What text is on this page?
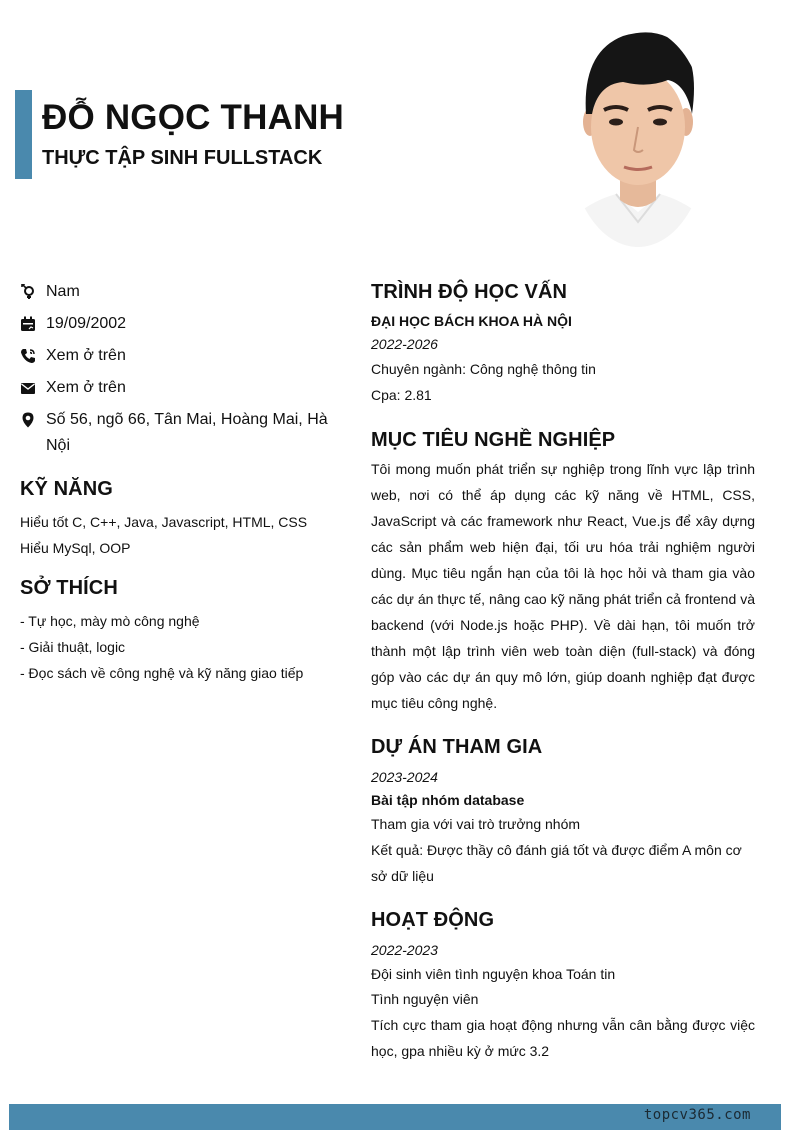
ĐỖ NGỌC THANH
THỰC TẬP SINH FULLSTACK
Nam
19/09/2002
Xem ở trên
Xem ở trên
Số 56, ngõ 66, Tân Mai, Hoàng Mai, Hà Nội
KỸ NĂNG
Hiểu tốt C, C++, Java, Javascript, HTML, CSS
Hiểu MySql, OOP
SỞ THÍCH
- Tự học, mày mò công nghệ
- Giải thuật, logic
- Đọc sách về công nghệ và kỹ năng giao tiếp
TRÌNH ĐỘ HỌC VẤN
ĐẠI HỌC BÁCH KHOA HÀ NỘI
2022-2026
Chuyên ngành: Công nghệ thông tin
Cpa: 2.81
MỤC TIÊU NGHỀ NGHIỆP
Tôi mong muốn phát triển sự nghiệp trong lĩnh vực lập trình web, nơi có thể áp dụng các kỹ năng về HTML, CSS, JavaScript và các framework như React, Vue.js để xây dựng các sản phẩm web hiện đại, tối ưu hóa trải nghiệm người dùng. Mục tiêu ngắn hạn của tôi là học hỏi và tham gia vào các dự án thực tế, nâng cao kỹ năng phát triển cả frontend và backend (với Node.js hoặc PHP). Về dài hạn, tôi muốn trở thành một lập trình viên web toàn diện (full-stack) và đóng góp vào các dự án quy mô lớn, giúp doanh nghiệp đạt được mục tiêu công nghệ.
DỰ ÁN THAM GIA
2023-2024
Bài tập nhóm database
Tham gia với vai trò trưởng nhóm
Kết quả: Được thầy cô đánh giá tốt và được điểm A môn cơ sở dữ liệu
HOẠT ĐỘNG
2022-2023
Đội sinh viên tình nguyện khoa Toán tin
Tình nguyện viên
Tích cực tham gia hoạt động nhưng vẫn cân bằng được việc học, gpa nhiều kỳ ở mức 3.2
topcv365.com
